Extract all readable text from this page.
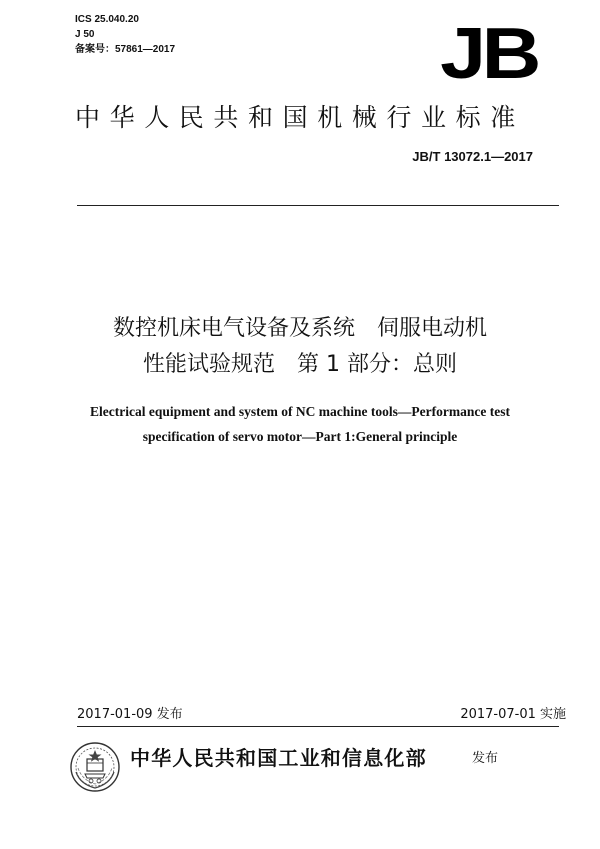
ICS 25.040.20
J 50
备案号：57861—2017	JB
中华人民共和国机械行业标准
JB/T 13072.1—2017
数控机床电气设备及系统　伺服电动机
性能试验规范　第 1 部分：总则
Electrical equipment and system of NC machine tools—Performance test
specification of servo motor—Part 1:General principle
2017-01-09 发布	2017-07-01 实施
中华人民共和国工业和信息化部	发布
